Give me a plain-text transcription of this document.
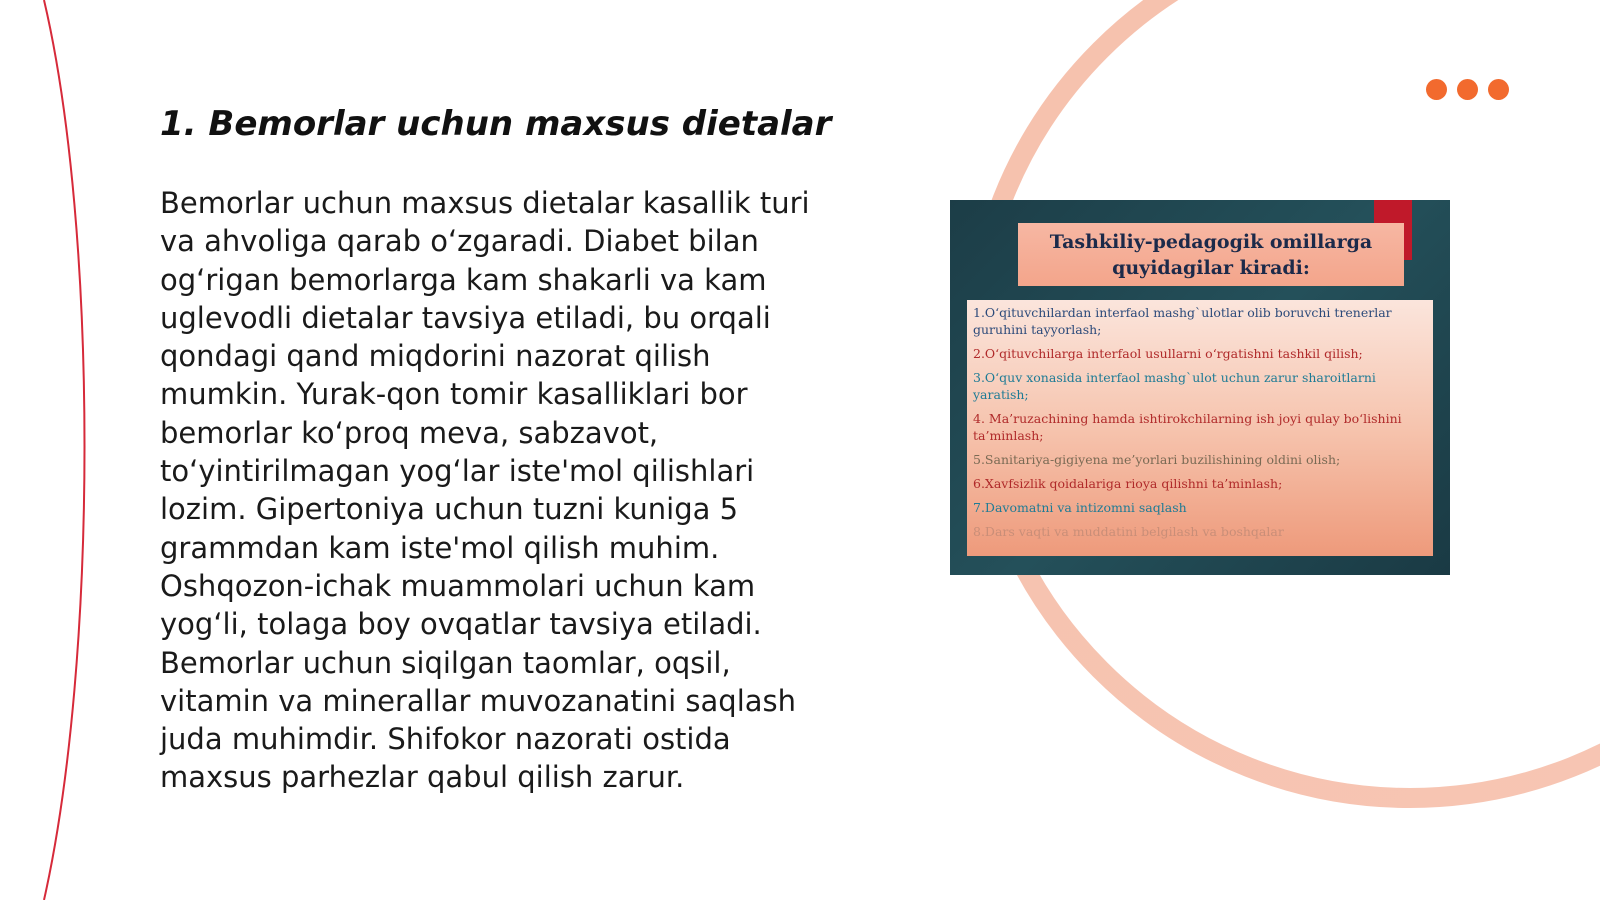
1. Bemorlar uchun maxsus dietalar

Bemorlar uchun maxsus dietalar kasallik turi va ahvoliga qarab o‘zgaradi. Diabet bilan og‘rigan bemorlarga kam shakarli va kam uglevodli dietalar tavsiya etiladi, bu orqali qondagi qand miqdorini nazorat qilish mumkin. Yurak-qon tomir kasalliklari bor bemorlar ko‘proq meva, sabzavot, to‘yintirilmagan yog‘lar iste'mol qilishlari lozim. Gipertoniya uchun tuzni kuniga 5 grammdan kam iste'mol qilish muhim. Oshqozon-ichak muammolari uchun kam yog‘li, tolaga boy ovqatlar tavsiya etiladi. Bemorlar uchun siqilgan taomlar, oqsil, vitamin va minerallar muvozanatini saqlash juda muhimdir. Shifokor nazorati ostida maxsus parhezlar qabul qilish zarur.

Tashkiliy-pedagogik omillarga
quyidagilar kiradi:

1.O‘qituvchilardan interfaol mashg`ulotlar olib boruvchi trenerlar guruhini tayyorlash;

2.O‘qituvchilarga interfaol usullarni o‘rgatishni tashkil qilish;

3.O‘quv xonasida interfaol mashg`ulot uchun zarur sharoitlarni yaratish;

4. Ma’ruzachining hamda ishtirokchilarning ish joyi qulay bo‘lishini ta’minlash;

5.Sanitariya-gigiyena me’yorlari buzilishining oldini olish;

6.Xavfsizlik qoidalariga rioya qilishni ta’minlash;

7.Davomatni va intizomni saqlash

8.Dars vaqti va muddatini belgilash va boshqalar
